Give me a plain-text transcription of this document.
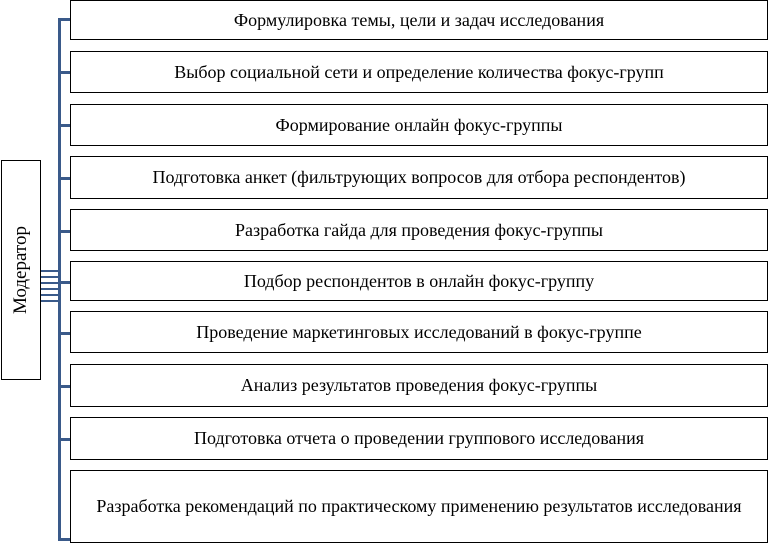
Модератор
Формулировка темы, цели и задач исследования
Выбор социальной сети и определение количества фокус-групп
Формирование онлайн фокус-группы
Подготовка анкет (фильтрующих вопросов для отбора респондентов)
Разработка гайда для проведения фокус-группы
Подбор респондентов в онлайн фокус-группу
Проведение маркетинговых исследований в фокус-группе
Анализ результатов проведения фокус-группы
Подготовка отчета о проведении группового исследования
Разработка рекомендаций по практическому применению результатов исследования
